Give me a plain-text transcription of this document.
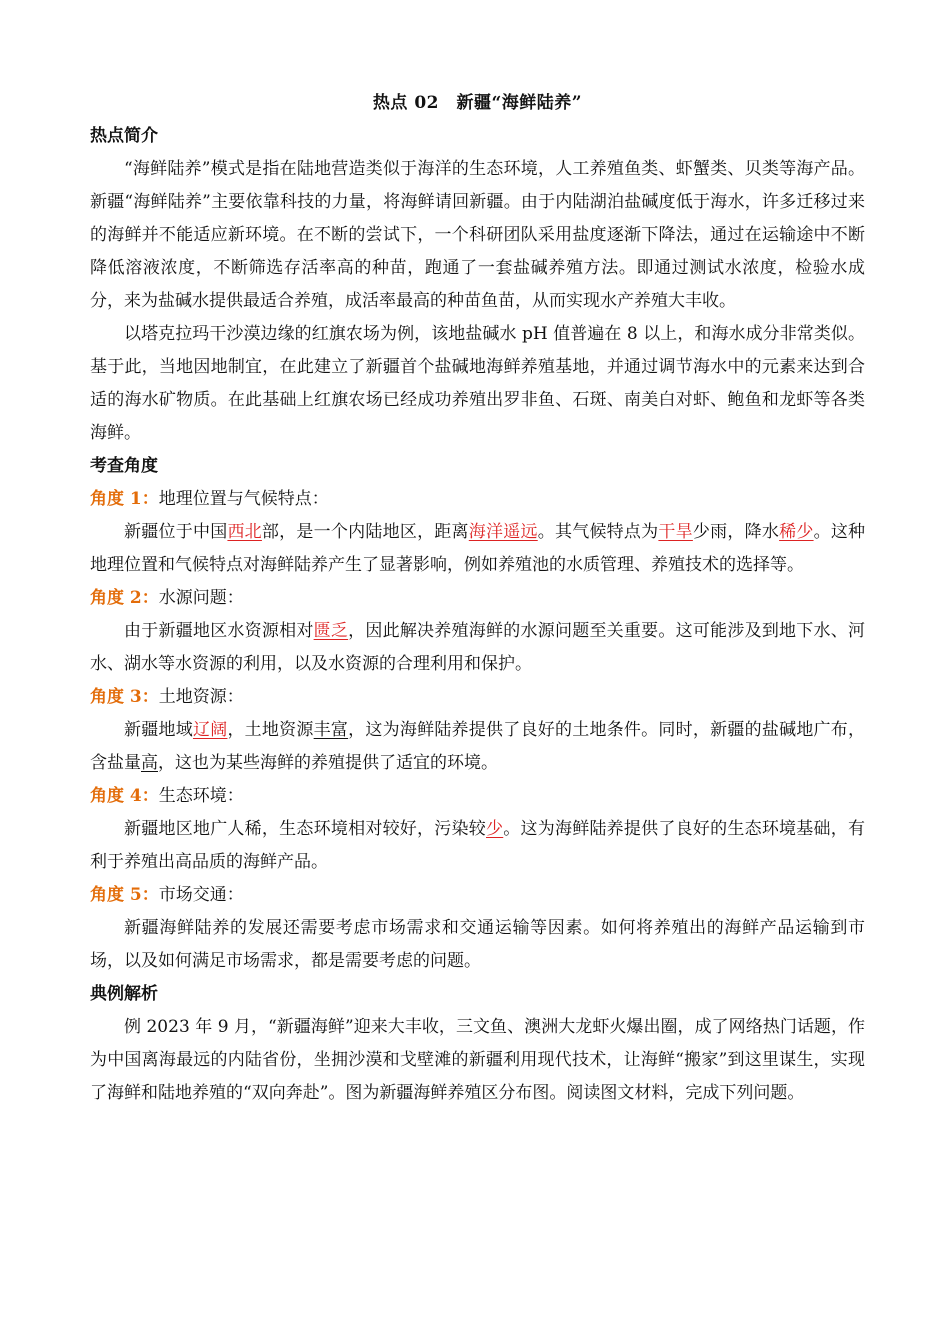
热点 02　新疆“海鲜陆养”

热点简介

“海鲜陆养”模式是指在陆地营造类似于海洋的生态环境，人工养殖鱼类、虾蟹类、贝类等海产品。新疆“海鲜陆养”主要依靠科技的力量，将海鲜请回新疆。由于内陆湖泊盐碱度低于海水，许多迁移过来的海鲜并不能适应新环境。在不断的尝试下，一个科研团队采用盐度逐渐下降法，通过在运输途中不断降低溶液浓度，不断筛选存活率高的种苗，跑通了一套盐碱养殖方法。即通过测试水浓度，检验水成分，来为盐碱水提供最适合养殖，成活率最高的种苗鱼苗，从而实现水产养殖大丰收。

以塔克拉玛干沙漠边缘的红旗农场为例，该地盐碱水 pH 值普遍在 8 以上，和海水成分非常类似。基于此，当地因地制宜，在此建立了新疆首个盐碱地海鲜养殖基地，并通过调节海水中的元素来达到合适的海水矿物质。在此基础上红旗农场已经成功养殖出罗非鱼、石斑、南美白对虾、鲍鱼和龙虾等各类海鲜。

考查角度

角度 1：地理位置与气候特点：

新疆位于中国西北部，是一个内陆地区，距离海洋遥远。其气候特点为干旱少雨，降水稀少。这种地理位置和气候特点对海鲜陆养产生了显著影响，例如养殖池的水质管理、养殖技术的选择等。

角度 2：水源问题：

由于新疆地区水资源相对匮乏，因此解决养殖海鲜的水源问题至关重要。这可能涉及到地下水、河水、湖水等水资源的利用，以及水资源的合理利用和保护。

角度 3：土地资源：

新疆地域辽阔，土地资源丰富，这为海鲜陆养提供了良好的土地条件。同时，新疆的盐碱地广布，含盐量高，这也为某些海鲜的养殖提供了适宜的环境。

角度 4：生态环境：

新疆地区地广人稀，生态环境相对较好，污染较少。这为海鲜陆养提供了良好的生态环境基础，有利于养殖出高品质的海鲜产品。

角度 5：市场交通：

新疆海鲜陆养的发展还需要考虑市场需求和交通运输等因素。如何将养殖出的海鲜产品运输到市场，以及如何满足市场需求，都是需要考虑的问题。

典例解析

例 2023 年 9 月，“新疆海鲜”迎来大丰收，三文鱼、澳洲大龙虾火爆出圈，成了网络热门话题，作为中国离海最远的内陆省份，坐拥沙漠和戈壁滩的新疆利用现代技术，让海鲜“搬家”到这里谋生，实现了海鲜和陆地养殖的“双向奔赴”。图为新疆海鲜养殖区分布图。阅读图文材料，完成下列问题。
